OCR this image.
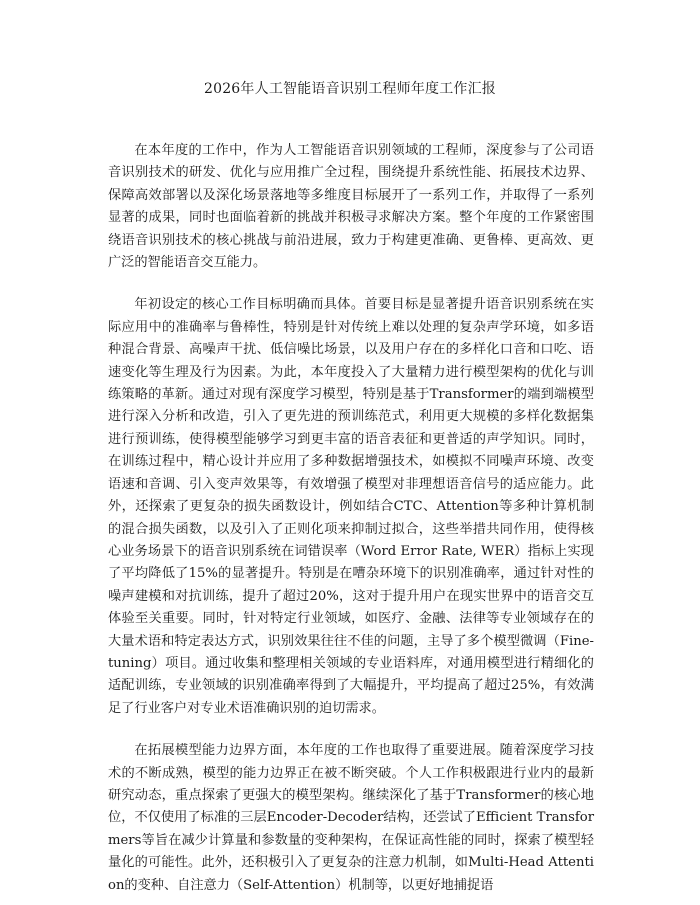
2026年人工智能语音识别工程师年度工作汇报

在本年度的工作中，作为人工智能语音识别领域的工程师，深度参与了公司语音识别技术的研发、优化与应用推广全过程，围绕提升系统性能、拓展技术边界、保障高效部署以及深化场景落地等多维度目标展开了一系列工作，并取得了一系列显著的成果，同时也面临着新的挑战并积极寻求解决方案。整个年度的工作紧密围绕语音识别技术的核心挑战与前沿进展，致力于构建更准确、更鲁棒、更高效、更广泛的智能语音交互能力。

年初设定的核心工作目标明确而具体。首要目标是显著提升语音识别系统在实际应用中的准确率与鲁棒性，特别是针对传统上难以处理的复杂声学环境，如多语种混合背景、高噪声干扰、低信噪比场景，以及用户存在的多样化口音和口吃、语速变化等生理及行为因素。为此，本年度投入了大量精力进行模型架构的优化与训练策略的革新。通过对现有深度学习模型，特别是基于Transformer的端到端模型进行深入分析和改造，引入了更先进的预训练范式，利用更大规模的多样化数据集进行预训练，使得模型能够学习到更丰富的语音表征和更普适的声学知识。同时，在训练过程中，精心设计并应用了多种数据增强技术，如模拟不同噪声环境、改变语速和音调、引入变声效果等，有效增强了模型对非理想语音信号的适应能力。此外，还探索了更复杂的损失函数设计，例如结合CTC、Attention等多种计算机制的混合损失函数，以及引入了正则化项来抑制过拟合，这些举措共同作用，使得核心业务场景下的语音识别系统在词错误率（Word Error Rate, WER）指标上实现了平均降低了15%的显著提升。特别是在嘈杂环境下的识别准确率，通过针对性的噪声建模和对抗训练，提升了超过20%，这对于提升用户在现实世界中的语音交互体验至关重要。同时，针对特定行业领域，如医疗、金融、法律等专业领域存在的大量术语和特定表达方式，识别效果往往不佳的问题，主导了多个模型微调（Fine-tuning）项目。通过收集和整理相关领域的专业语料库，对通用模型进行精细化的适配训练，专业领域的识别准确率得到了大幅提升，平均提高了超过25%，有效满足了行业客户对专业术语准确识别的迫切需求。

在拓展模型能力边界方面，本年度的工作也取得了重要进展。随着深度学习技术的不断成熟，模型的能力边界正在被不断突破。个人工作积极跟进行业内的最新研究动态，重点探索了更强大的模型架构。继续深化了基于Transformer的核心地位，不仅使用了标准的三层Encoder-Decoder结构，还尝试了Efficient Transformers等旨在减少计算量和参数量的变种架构，在保证高性能的同时，探索了模型轻量化的可能性。此外，还积极引入了更复杂的注意力机制，如Multi-Head Attention的变种、自注意力（Self-Attention）机制等，以更好地捕捉语
